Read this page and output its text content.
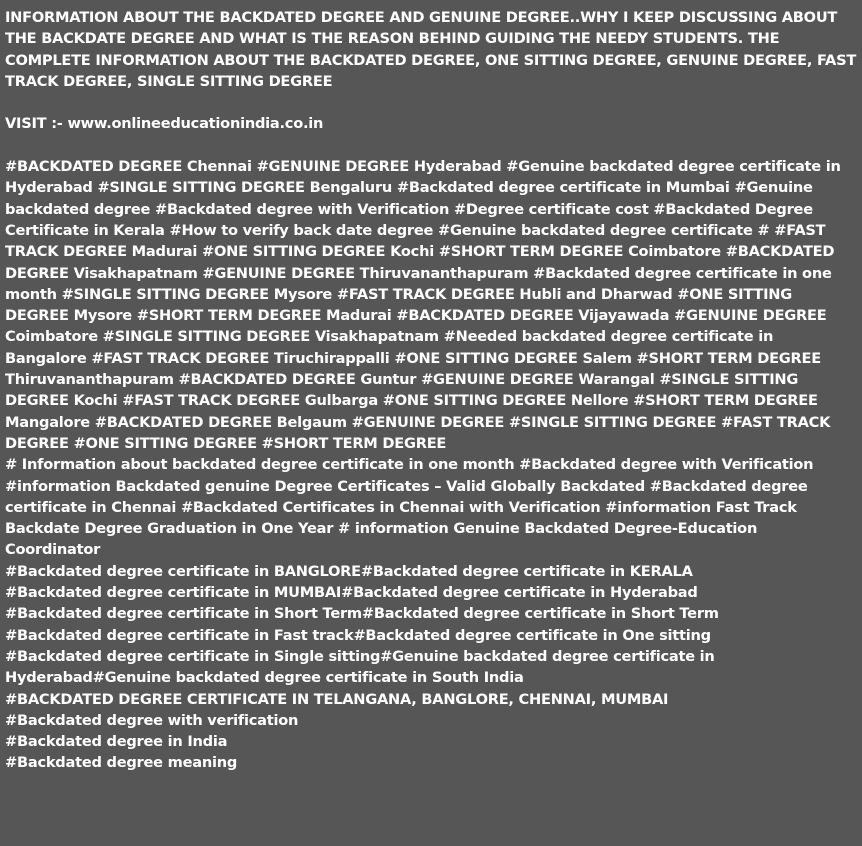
INFORMATION ABOUT THE BACKDATED DEGREE AND GENUINE DEGREE..WHY I KEEP DISCUSSING ABOUT THE BACKDATE DEGREE AND WHAT IS THE REASON BEHIND GUIDING THE NEEDY STUDENTS. THE COMPLETE INFORMATION ABOUT THE BACKDATED DEGREE, ONE SITTING DEGREE, GENUINE DEGREE, FAST TRACK DEGREE, SINGLE SITTING DEGREE

VISIT :- www.onlineeducationindia.co.in

#BACKDATED DEGREE Chennai #GENUINE DEGREE Hyderabad #Genuine backdated degree certificate in Hyderabad #SINGLE SITTING DEGREE Bengaluru #Backdated degree certificate in Mumbai #Genuine backdated degree #Backdated degree with Verification #Degree certificate cost #Backdated Degree Certificate in Kerala #How to verify back date degree #Genuine backdated degree certificate # #FAST TRACK DEGREE Madurai #ONE SITTING DEGREE Kochi #SHORT TERM DEGREE Coimbatore #BACKDATED DEGREE Visakhapatnam #GENUINE DEGREE Thiruvananthapuram #Backdated degree certificate in one month #SINGLE SITTING DEGREE Mysore #FAST TRACK DEGREE Hubli and Dharwad #ONE SITTING DEGREE Mysore #SHORT TERM DEGREE Madurai #BACKDATED DEGREE Vijayawada #GENUINE DEGREE Coimbatore #SINGLE SITTING DEGREE Visakhapatnam #Needed backdated degree certificate in Bangalore #FAST TRACK DEGREE Tiruchirappalli #ONE SITTING DEGREE Salem #SHORT TERM DEGREE Thiruvananthapuram #BACKDATED DEGREE Guntur #GENUINE DEGREE Warangal #SINGLE SITTING DEGREE Kochi #FAST TRACK DEGREE Gulbarga #ONE SITTING DEGREE Nellore #SHORT TERM DEGREE Mangalore #BACKDATED DEGREE Belgaum #GENUINE DEGREE #SINGLE SITTING DEGREE #FAST TRACK DEGREE #ONE SITTING DEGREE #SHORT TERM DEGREE

# Information about backdated degree certificate in one month #Backdated degree with Verification #information Backdated genuine Degree Certificates – Valid Globally Backdated #Backdated degree certificate in Chennai #Backdated Certificates in Chennai with Verification #information Fast Track Backdate Degree Graduation in One Year # information Genuine Backdated Degree-Education Coordinator

#Backdated degree certificate in BANGLORE#Backdated degree certificate in KERALA
#Backdated degree certificate in MUMBAI#Backdated degree certificate in Hyderabad
#Backdated degree certificate in Short Term#Backdated degree certificate in Short Term
#Backdated degree certificate in Fast track#Backdated degree certificate in One sitting
#Backdated degree certificate in Single sitting#Genuine backdated degree certificate in Hyderabad#Genuine backdated degree certificate in South India
#BACKDATED DEGREE CERTIFICATE IN TELANGANA, BANGLORE, CHENNAI, MUMBAI
#Backdated degree with verification
#Backdated degree in India
#Backdated degree meaning
